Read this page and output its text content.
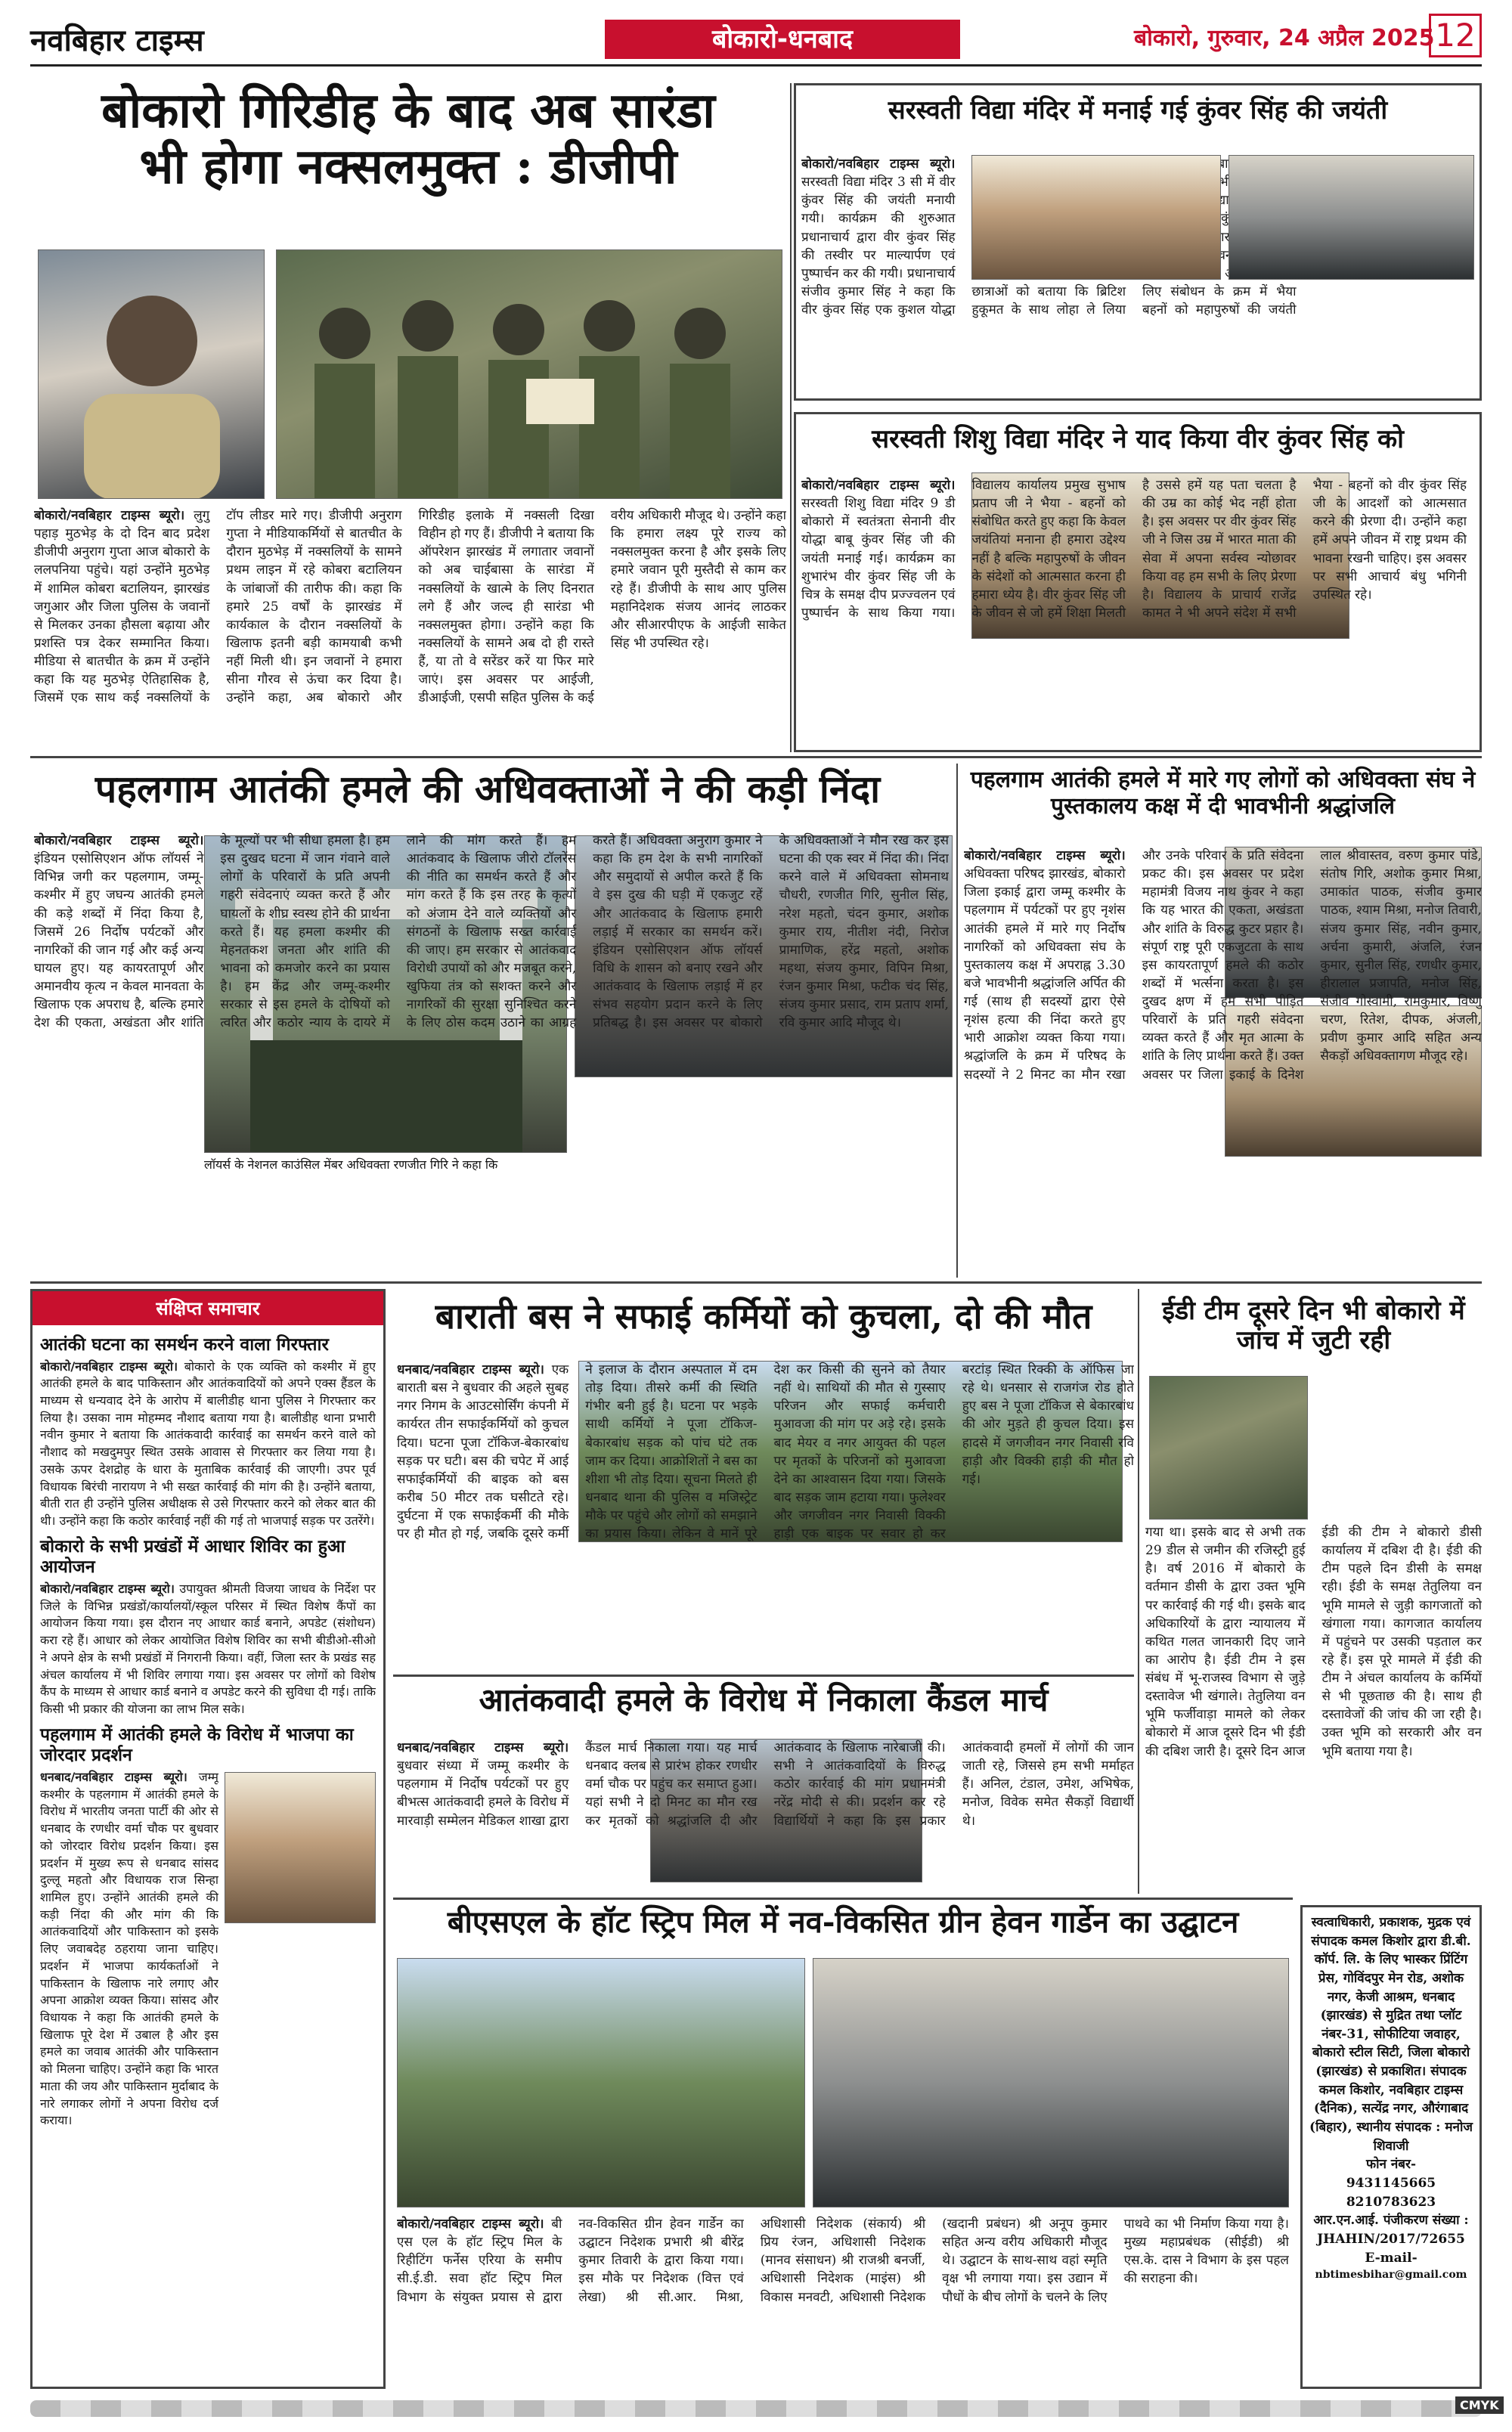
नवबिहार टाइम्स	बोकारो-धनबाद	बोकारो, गुरुवार, 24 अप्रैल 2025 12
बोकारो गिरिडीह के बाद अब सारंडा
भी होगा नक्सलमुक्त : डीजीपी
बोकारो/नवबिहार टाइम्स ब्यूरो। लुगु पहाड़ मुठभेड़ के दो दिन बाद प्रदेश डीजीपी अनुराग गुप्ता आज बोकारो के ललपनिया पहुंचे। यहां उन्होंने मुठभेड़ में शामिल कोबरा बटालियन, झारखंड जगुआर और जिला पुलिस के जवानों से मिलकर उनका हौसला बढ़ाया और प्रशस्ति पत्र देकर सम्मानित किया। मीडिया से बातचीत के क्रम में उन्होंने कहा कि यह मुठभेड़ ऐतिहासिक है, जिसमें एक साथ कई नक्सलियों के टॉप लीडर मारे गए। डीजीपी अनुराग गुप्ता ने मीडियाकर्मियों से बातचीत के दौरान मुठभेड़ में नक्सलियों के सामने प्रथम लाइन में रहे कोबरा बटालियन के जांबाजों की तारीफ की। कहा कि हमारे 25 वर्षों के झारखंड में कार्यकाल के दौरान नक्सलियों के खिलाफ इतनी बड़ी कामयाबी कभी नहीं मिली थी। इन जवानों ने हमारा सीना गौरव से ऊंचा कर दिया है। उन्होंने कहा, अब बोकारो और गिरिडीह इलाके में नक्सली दिखा विहीन हो गए हैं। डीजीपी ने बताया कि ऑपरेशन झारखंड में लगातार जवानों को अब चाईबासा के सारंडा में नक्सलियों के खात्मे के लिए दिनरात लगे हैं और जल्द ही सारंडा भी नक्सलमुक्त होगा। उन्होंने कहा कि नक्सलियों के सामने अब दो ही रास्ते हैं, या तो वे सरेंडर करें या फिर मारे जाएं। इस अवसर पर आईजी, डीआईजी, एसपी सहित पुलिस के कई वरीय अधिकारी मौजूद थे। उन्होंने कहा कि हमारा लक्ष्य पूरे राज्य को नक्सलमुक्त करना है और इसके लिए हमारे जवान पूरी मुस्तैदी से काम कर रहे हैं। डीजीपी के साथ आए पुलिस महानिदेशक संजय आनंद लाठकर और सीआरपीएफ के आईजी साकेत सिंह भी उपस्थित रहे।
सरस्वती विद्या मंदिर में मनाई गई कुंवर सिंह की जयंती
बोकारो/नवबिहार टाइम्स ब्यूरो। सरस्वती विद्या मंदिर 3 सी में वीर कुंवर सिंह की जयंती मनायी गयी। कार्यक्रम की शुरुआत प्रधानाचार्य द्वारा वीर कुंवर सिंह की तस्वीर पर माल्यार्पण एवं पुष्पार्चन कर की गयी। प्रधानाचार्य संजीव कुमार सिंह ने कहा कि वीर कुंवर सिंह एक कुशल योद्धा छात्राओं को बताया कि ब्रिटिश हुकूमत के साथ लोहा ले लिया भी विद्यालय लिए संबोधन के क्रम में भैया बहनों को महापुरुषों की जयंती
सरस्वती शिशु विद्या मंदिर ने याद किया वीर कुंवर सिंह को
बोकारो/नवबिहार टाइम्स ब्यूरो। सरस्वती शिशु विद्या मंदिर 9 डी बोकारो में स्वतंत्रता सेनानी वीर योद्धा बाबू कुंवर सिंह जी की जयंती मनाई गई। कार्यक्रम का शुभारंभ वीर कुंवर सिंह जी के चित्र के समक्ष दीप प्रज्ज्वलन एवं पुष्पार्चन के साथ किया गया। विद्यालय कार्यालय प्रमुख सुभाष प्रताप जी ने भैया - बहनों को संबोधित करते हुए कहा कि केवल जयंतियां मनाना ही हमारा उद्देश्य नहीं है बल्कि महापुरुषों के जीवन के संदेशों को आत्मसात करना ही हमारा ध्येय है। वीर कुंवर सिंह जी के जीवन से जो हमें शिक्षा मिलती है उससे हमें यह पता चलता है की उम्र का कोई भेद नहीं होता है। इस अवसर पर वीर कुंवर सिंह जी ने जिस उम्र में भारत माता की सेवा में अपना सर्वस्व न्योछावर किया वह हम सभी के लिए प्रेरणा है। विद्यालय के प्राचार्य राजेंद्र कामत ने भी अपने संदेश में सभी भैया - बहनों को वीर कुंवर सिंह जी के आदर्शों को आत्मसात करने की प्रेरणा दी। उन्होंने कहा हमें अपने जीवन में राष्ट्र प्रथम की भावना रखनी चाहिए। इस अवसर पर सभी आचार्य बंधु भगिनी उपस्थित रहे।
पहलगाम आतंकी हमले की अधिवक्ताओं ने की कड़ी निंदा
बोकारो/नवबिहार टाइम्स ब्यूरो। इंडियन एसोसिएशन ऑफ लॉयर्स ने विभिन्न जगी कर पहलगाम, जम्मू-कश्मीर में हुए जघन्य आतंकी हमले की कड़े शब्दों में निंदा किया है, जिसमें 26 निर्दोष पर्यटकों और नागरिकों की जान गई और कई अन्य घायल हुए। यह कायरतापूर्ण और अमानवीय कृत्य न केवल मानवता के खिलाफ एक अपराध है, बल्कि हमारे देश की एकता, अखंडता और शांति के मूल्यों पर भी सीधा हमला है। हम इस दुखद घटना में जान गंवाने वाले लोगों के परिवारों के प्रति अपनी गहरी संवेदनाएं व्यक्त करते हैं और घायलों के शीघ्र स्वस्थ होने की प्रार्थना करते हैं। यह हमला कश्मीर की मेहनतकश जनता और शांति की भावना को कमजोर करने का प्रयास है। हम केंद्र और जम्मू-कश्मीर सरकार से इस हमले के दोषियों को त्वरित और कठोर न्याय के दायरे में लाने की मांग करते हैं। हम आतंकवाद के खिलाफ जीरो टॉलरेंस की नीति का समर्थन करते हैं और मांग करते हैं कि इस तरह के कृत्यों को अंजाम देने वाले व्यक्तियों और संगठनों के खिलाफ सख्त कार्रवाई की जाए। हम सरकार से आतंकवाद विरोधी उपायों को और मजबूत करने, खुफिया तंत्र को सशक्त करने और नागरिकों की सुरक्षा सुनिश्चित करने के लिए ठोस कदम उठाने का आग्रह करते हैं। अधिवक्ता अनुराग कुमार ने कहा कि हम देश के सभी नागरिकों और समुदायों से अपील करते हैं कि वे इस दुख की घड़ी में एकजुट रहें और आतंकवाद के खिलाफ हमारी लड़ाई में सरकार का समर्थन करें। इंडियन एसोसिएशन ऑफ लॉयर्स विधि के शासन को बनाए रखने और आतंकवाद के खिलाफ लड़ाई में हर संभव सहयोग प्रदान करने के लिए प्रतिबद्ध है। इस अवसर पर बोकारो के अधिवक्ताओं ने मौन रख कर इस घटना की एक स्वर में निंदा की। निंदा करने वाले में अधिवक्ता सोमनाथ चौधरी, रणजीत गिरि, सुनील सिंह, नरेश महतो, चंदन कुमार, अशोक कुमार राय, नीतीश नंदी, निरोज प्रामाणिक, हरेंद्र महतो, अशोक महथा, संजय कुमार, विपिन मिश्रा, रंजन कुमार मिश्रा, फटीक चंद सिंह, संजय कुमार प्रसाद, राम प्रताप शर्मा, रवि कुमार आदि मौजूद थे।
लॉयर्स के नेशनल काउंसिल मेंबर अधिवक्ता रणजीत गिरि ने कहा कि
पहलगाम आतंकी हमले में मारे गए लोगों को अधिवक्ता संघ ने पुस्तकालय कक्ष में दी भावभीनी श्रद्धांजलि
बोकारो/नवबिहार टाइम्स ब्यूरो। अधिवक्ता परिषद झारखंड, बोकारो जिला इकाई द्वारा जम्मू कश्मीर के पहलगाम में पर्यटकों पर हुए नृशंस आतंकी हमले में मारे गए निर्दोष नागरिकों को अधिवक्ता संघ के पुस्तकालय कक्ष में अपराह्न 3.30 बजे भावभीनी श्रद्धांजलि अर्पित की गई (साथ ही सदस्यों द्वारा ऐसे नृशंस हत्या की निंदा करते हुए भारी आक्रोश व्यक्त किया गया। श्रद्धांजलि के क्रम में परिषद के सदस्यों ने 2 मिनट का मौन रखा और उनके परिवार के प्रति संवेदना प्रकट की। इस अवसर पर प्रदेश महामंत्री विजय नाथ कुंवर ने कहा कि यह भारत की एकता, अखंडता और शांति के विरुद्ध कुटर प्रहार है। संपूर्ण राष्ट्र पूरी एकजुटता के साथ इस कायरतापूर्ण हमले की कठोर शब्दों में भर्त्सना करता है। इस दुखद क्षण में हम सभी पीड़ित परिवारों के प्रति गहरी संवेदना व्यक्त करते हैं और मृत आत्मा के शांति के लिए प्रार्थना करते हैं। उक्त अवसर पर जिला इकाई के दिनेश लाल श्रीवास्तव, वरुण कुमार पांडे, संतोष गिरि, अशोक कुमार मिश्रा, उमाकांत पाठक, संजीव कुमार पाठक, श्याम मिश्रा, मनोज तिवारी, संजय कुमार सिंह, नवीन कुमार, अर्चना कुमारी, अंजलि, रंजन कुमार, सुनील सिंह, रणधीर कुमार, हीरालाल प्रजापति, मनोज सिंह, संजीव गोस्वामी, रामकुमार, विष्णु चरण, रितेश, दीपक, अंजली, प्रवीण कुमार आदि सहित अन्य सैकड़ों अधिवक्तागण मौजूद रहे।
संक्षिप्त समाचार
आतंकी घटना का समर्थन करने वाला गिरफ्तार
बोकारो/नवबिहार टाइम्स ब्यूरो। बोकारो के एक व्यक्ति को कश्मीर में हुए आतंकी हमले के बाद पाकिस्तान और आतंकवादियों को अपने एक्स हैंडल के माध्यम से धन्यवाद देने के आरोप में बालीडीह थाना पुलिस ने गिरफ्तार कर लिया है। उसका नाम मोहम्मद नौशाद बताया गया है। बालीडीह थाना प्रभारी नवीन कुमार ने बताया कि आतंकवादी कार्रवाई का समर्थन करने वाले को नौशाद को मखदुमपुर स्थित उसके आवास से गिरफ्तार कर लिया गया है। उसके ऊपर देशद्रोह के धारा के मुताबिक कार्रवाई की जाएगी। उपर पूर्व विधायक बिरंची नारायण ने भी सख्त कार्रवाई की मांग की है। उन्होंने बताया, बीती रात ही उन्होंने पुलिस अधीक्षक से उसे गिरफ्तार करने को लेकर बात की थी। उन्होंने कहा कि कठोर कार्रवाई नहीं की गई तो भाजपाई सड़क पर उतरेंगे।
बोकारो के सभी प्रखंडों में आधार शिविर का हुआ आयोजन
बोकारो/नवबिहार टाइम्स ब्यूरो। उपायुक्त श्रीमती विजया जाधव के निर्देश पर जिले के विभिन्न प्रखंडों/कार्यालयों/स्कूल परिसर में स्थित विशेष कैंपों का आयोजन किया गया। इस दौरान नए आधार कार्ड बनाने, अपडेट (संशोधन) करा रहे हैं। आधार को लेकर आयोजित विशेष शिविर का सभी बीडीओ-सीओ ने अपने क्षेत्र के सभी प्रखंडों में निगरानी किया। वहीं, जिला स्तर के प्रखंड सह अंचल कार्यालय में भी शिविर लगाया गया। इस अवसर पर लोगों को विशेष कैंप के माध्यम से आधार कार्ड बनाने व अपडेट करने की सुविधा दी गई। ताकि किसी भी प्रकार की योजना का लाभ मिल सके।
पहलगाम में आतंकी हमले के विरोध में भाजपा का जोरदार प्रदर्शन
धनबाद/नवबिहार टाइम्स ब्यूरो। जम्मू कश्मीर के पहलगाम में आतंकी हमले के विरोध में भारतीय जनता पार्टी की ओर से धनबाद के रणधीर वर्मा चौक पर बुधवार को जोरदार विरोध प्रदर्शन किया। इस प्रदर्शन में मुख्य रूप से धनबाद सांसद दुल्लू महतो और विधायक राज सिन्हा शामिल हुए। उन्होंने आतंकी हमले की कड़ी निंदा की और मांग की कि आतंकवादियों और पाकिस्तान को इसके लिए जवाबदेह ठहराया जाना चाहिए। प्रदर्शन में भाजपा कार्यकर्ताओं ने पाकिस्तान के खिलाफ नारे लगाए और अपना आक्रोश व्यक्त किया। सांसद और विधायक ने कहा कि आतंकी हमले के खिलाफ पूरे देश में उबाल है और इस हमले का जवाब आतंकी और पाकिस्तान को मिलना चाहिए। उन्होंने कहा कि भारत माता की जय और पाकिस्तान मुर्दाबाद के नारे लगाकर लोगों ने अपना विरोध दर्ज कराया।
बाराती बस ने सफाई कर्मियों को कुचला, दो की मौत
धनबाद/नवबिहार टाइम्स ब्यूरो। एक बाराती बस ने बुधवार की अहले सुबह नगर निगम के आउटसोर्सिंग कंपनी में कार्यरत तीन सफाईकर्मियों को कुचल दिया। घटना पूजा टॉकिज-बेकारबांध सड़क पर घटी। बस की चपेट में आई सफाईकर्मियों की बाइक को बस करीब 50 मीटर तक घसीटते रहे। दुर्घटना में एक सफाईकर्मी की मौके पर ही मौत हो गई, जबकि दूसरे कर्मी ने इलाज के दौरान अस्पताल में दम तोड़ दिया। तीसरे कर्मी की स्थिति गंभीर बनी हुई है। घटना पर भड़के साथी कर्मियों ने पूजा टॉकिज-बेकारबांध सड़क को पांच घंटे तक जाम कर दिया। आक्रोशितों ने बस का शीशा भी तोड़ दिया। सूचना मिलते ही धनबाद थाना की पुलिस व मजिस्ट्रेट मौके पर पहुंचे और लोगों को समझाने का प्रयास किया। लेकिन वे मानें पूरे देश कर किसी की सुनने को तैयार नहीं थे। साथियों की मौत से गुस्साए परिजन और सफाई कर्मचारी मुआवजा की मांग पर अड़े रहे। इसके बाद मेयर व नगर आयुक्त की पहल पर मृतकों के परिजनों को मुआवजा देने का आश्वासन दिया गया। जिसके बाद सड़क जाम हटाया गया। फुलेश्वर और जगजीवन नगर निवासी विक्की हाड़ी एक बाइक पर सवार हो कर बरटांड़ स्थित रिक्की के ऑफिस जा रहे थे। धनसार से राजगंज रोड होते हुए बस ने पूजा टॉकिज से बेकारबांध की ओर मुड़ते ही कुचल दिया। इस हादसे में जगजीवन नगर निवासी रवि हाड़ी और विक्की हाड़ी की मौत हो गई।
ईडी टीम दूसरे दिन भी बोकारो में जांच में जुटी रही
गया था। इसके बाद से अभी तक 29 डील से जमीन की रजिस्ट्री हुई है। वर्ष 2016 में बोकारो के वर्तमान डीसी के द्वारा उक्त भूमि पर कार्रवाई की गई थी। इसके बाद अधिकारियों के द्वारा न्यायालय में कथित गलत जानकारी दिए जाने का आरोप है। ईडी टीम ने इस संबंध में भू-राजस्व विभाग से जुड़े दस्तावेज भी खंगाले। तेतुलिया वन भूमि फर्जीवाड़ा मामले को लेकर बोकारो में आज दूसरे दिन भी ईडी की दबिश जारी है। दूसरे दिन आज ईडी की टीम ने बोकारो डीसी कार्यालय में दबिश दी है। ईडी की टीम पहले दिन डीसी के समक्ष रही। ईडी के समक्ष तेतुलिया वन भूमि मामले से जुड़ी कागजातों को खंगाला गया। कागजात कार्यालय में पहुंचने पर उसकी पड़ताल कर रहे हैं। इस पूरे मामले में ईडी की टीम ने अंचल कार्यालय के कर्मियों से भी पूछताछ की है। साथ ही दस्तावेजों की जांच की जा रही है। उक्त भूमि को सरकारी और वन भूमि बताया गया है।
आतंकवादी हमले के विरोध में निकाला कैंडल मार्च
धनबाद/नवबिहार टाइम्स ब्यूरो। बुधवार संध्या में जम्मू कश्मीर के पहलगाम में निर्दोष पर्यटकों पर हुए बीभत्स आतंकवादी हमले के विरोध में मारवाड़ी सम्मेलन मेडिकल शाखा द्वारा कैंडल मार्च निकाला गया। यह मार्च धनबाद क्लब से प्रारंभ होकर रणधीर वर्मा चौक पर पहुंच कर समाप्त हुआ। यहां सभी ने दो मिनट का मौन रख कर मृतकों को श्रद्धांजलि दी और आतंकवाद के खिलाफ नारेबाजी की। सभी ने आतंकवादियों के विरुद्ध कठोर कार्रवाई की मांग प्रधानमंत्री नरेंद्र मोदी से की। प्रदर्शन कर रहे विद्यार्थियों ने कहा कि इस प्रकार आतंकवादी हमलों में लोगों की जान जाती रहे, जिससे हम सभी मर्माहत हैं। अनिल, टंडाल, उमेश, अभिषेक, मनोज, विवेक समेत सैकड़ों विद्यार्थी थे।
बीएसएल के हॉट स्ट्रिप मिल में नव-विकसित ग्रीन हेवन गार्डेन का उद्घाटन
बोकारो/नवबिहार टाइम्स ब्यूरो। बी एस एल के हॉट स्ट्रिप मिल के रिहीटिंग फर्नेस एरिया के समीप सी.ई.डी. सवा हॉट स्ट्रिप मिल विभाग के संयुक्त प्रयास से द्वारा नव-विकसित ग्रीन हेवन गार्डेन का उद्घाटन निदेशक प्रभारी श्री बीरेंद्र कुमार तिवारी के द्वारा किया गया। इस मौके पर निदेशक (वित्त एवं लेखा) श्री सी.आर. मिश्रा, अधिशासी निदेशक (संकार्य) श्री प्रिय रंजन, अधिशासी निदेशक (मानव संसाधन) श्री राजश्री बनर्जी, अधिशासी निदेशक (माइंस) श्री विकास मनवटी, अधिशासी निदेशक (खदानी प्रबंधन) श्री अनूप कुमार सहित अन्य वरीय अधिकारी मौजूद थे। उद्घाटन के साथ-साथ वहां स्मृति वृक्ष भी लगाया गया। इस उद्यान में पौधों के बीच लोगों के चलने के लिए पाथवे का भी निर्माण किया गया है। मुख्य महाप्रबंधक (सीईडी) श्री एस.के. दास ने विभाग के इस पहल की सराहना की।
स्वत्वाधिकारी, प्रकाशक, मुद्रक एवं संपादक कमल किशोर द्वारा डी.बी. कॉर्प. लि. के लिए भास्कर प्रिंटिंग प्रेस, गोविंदपुर मेन रोड, अशोक नगर, केजी आश्रम, धनबाद (झारखंड) से मुद्रित तथा प्लॉट नंबर-31, सोफीटिया जवाहर, बोकारो स्टील सिटी, जिला बोकारो (झारखंड) से प्रकाशित। संपादक कमल किशोर, नवबिहार टाइम्स (दैनिक), सत्येंद्र नगर, औरंगाबाद (बिहार), स्थानीय संपादक : मनोज शिवाजी
फोन नंबर-
9431145665
8210783623
आर.एन.आई. पंजीकरण संख्या :
JHAHIN/2017/72655
E-mail-
nbtimesbihar@gmail.com
CMYK
